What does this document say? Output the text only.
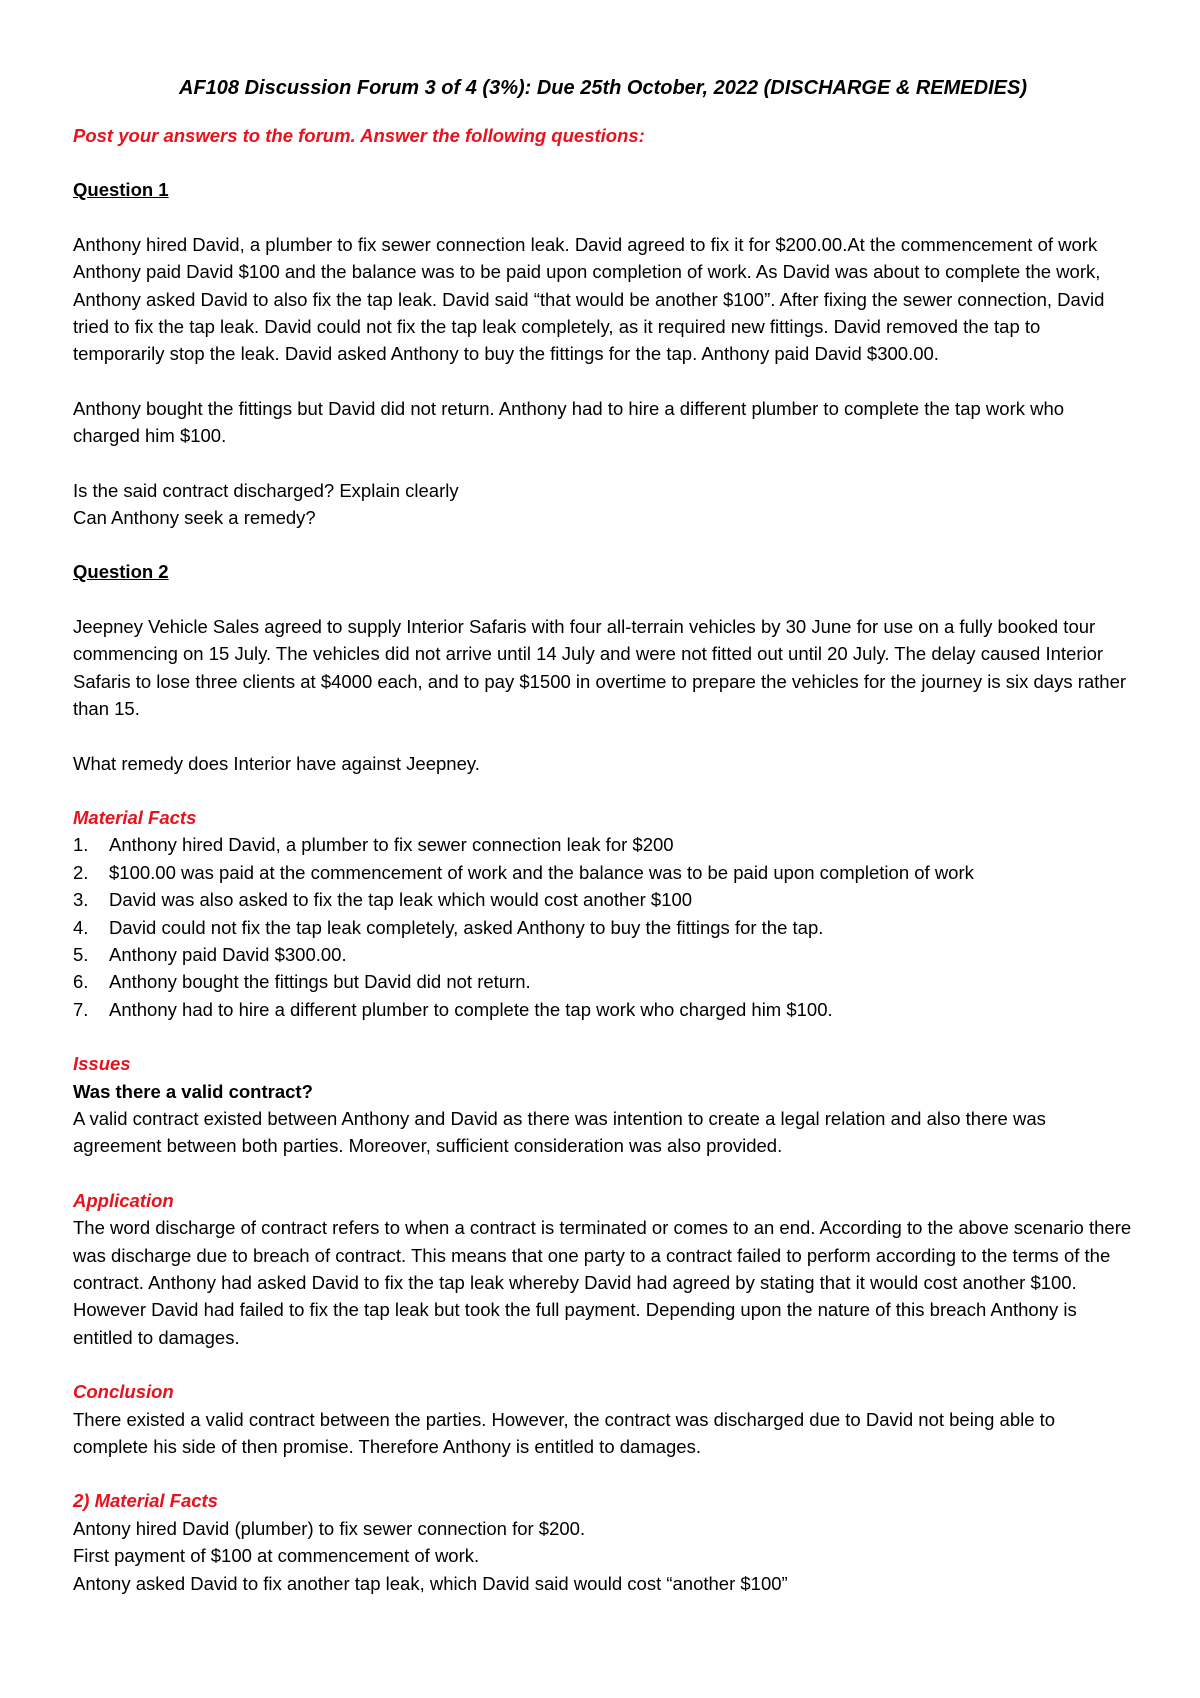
AF108 Discussion Forum 3 of 4 (3%): Due 25th October, 2022 (DISCHARGE & REMEDIES)

Post your answers to the forum. Answer the following questions:

Question 1

Anthony hired David, a plumber to fix sewer connection leak. David agreed to fix it for $200.00.At the commencement of work Anthony paid David $100 and the balance was to be paid upon completion of work. As David was about to complete the work, Anthony asked David to also fix the tap leak. David said “that would be another $100”. After fixing the sewer connection, David tried to fix the tap leak. David could not fix the tap leak completely, as it required new fittings. David removed the tap to temporarily stop the leak. David asked Anthony to buy the fittings for the tap. Anthony paid David $300.00.

Anthony bought the fittings but David did not return. Anthony had to hire a different plumber to complete the tap work who charged him $100.

Is the said contract discharged? Explain clearly

Can Anthony seek a remedy?

Question 2

Jeepney Vehicle Sales agreed to supply Interior Safaris with four all-terrain vehicles by 30 June for use on a fully booked tour commencing on 15 July. The vehicles did not arrive until 14 July and were not fitted out until 20 July. The delay caused Interior Safaris to lose three clients at $4000 each, and to pay $1500 in overtime to prepare the vehicles for the journey is six days rather than 15.

What remedy does Interior have against Jeepney.

Material Facts

1. Anthony hired David, a plumber to fix sewer connection leak for $200
2. $100.00 was paid at the commencement of work and the balance was to be paid upon completion of work
3. David was also asked to fix the tap leak which would cost another $100
4. David could not fix the tap leak completely, asked Anthony to buy the fittings for the tap.
5. Anthony paid David $300.00.
6. Anthony bought the fittings but David did not return.
7. Anthony had to hire a different plumber to complete the tap work who charged him $100.

Issues

Was there a valid contract?

A valid contract existed between Anthony and David as there was intention to create a legal relation and also there was agreement between both parties. Moreover, sufficient consideration was also provided.

Application

The word discharge of contract refers to when a contract is terminated or comes to an end. According to the above scenario there was discharge due to breach of contract. This means that one party to a contract failed to perform according to the terms of the contract. Anthony had asked David to fix the tap leak whereby David had agreed by stating that it would cost another $100. However David had failed to fix the tap leak but took the full payment. Depending upon the nature of this breach Anthony is entitled to damages.

Conclusion

There existed a valid contract between the parties. However, the contract was discharged due to David not being able to complete his side of then promise. Therefore Anthony is entitled to damages.

2) Material Facts

Antony hired David (plumber) to fix sewer connection for $200.

First payment of $100 at commencement of work.

Antony asked David to fix another tap leak, which David said would cost “another $100”
